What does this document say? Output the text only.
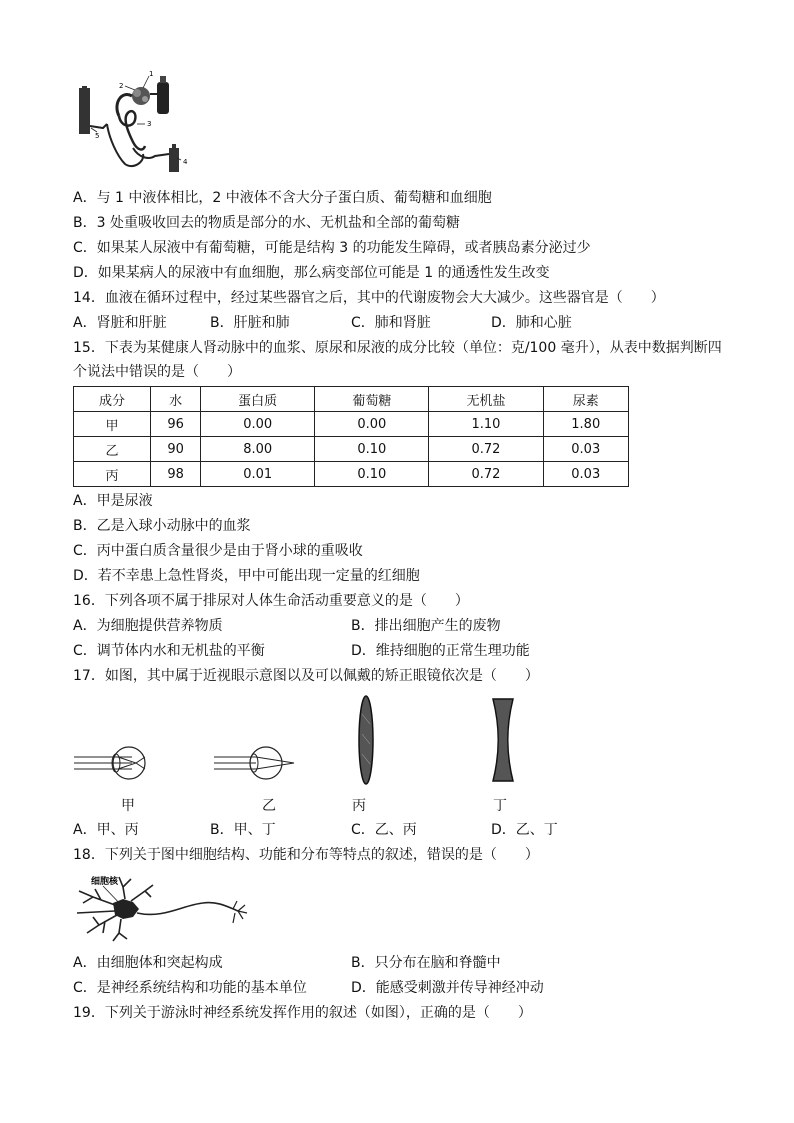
1
2
3
4
5
A．与 1 中液体相比，2 中液体不含大分子蛋白质、葡萄糖和血细胞
B．3 处重吸收回去的物质是部分的水、无机盐和全部的葡萄糖
C．如果某人尿液中有葡萄糖，可能是结构 3 的功能发生障碍，或者胰岛素分泌过少
D．如果某病人的尿液中有血细胞，那么病变部位可能是 1 的通透性发生改变
14．血液在循环过程中，经过某些器官之后，其中的代谢废物会大大减少。这些器官是（　　）
A．肾脏和肝脏	B．肝脏和肺	C．肺和肾脏	D．肺和心脏
15．下表为某健康人肾动脉中的血浆、原尿和尿液的成分比较（单位：克/100 毫升），从表中数据判断四
个说法中错误的是（　　）
成分	水	蛋白质	葡萄糖	无机盐	尿素
甲	96	0.00	0.00	1.10	1.80
乙	90	8.00	0.10	0.72	0.03
丙	98	0.01	0.10	0.72	0.03
A．甲是尿液
B．乙是入球小动脉中的血浆
C．丙中蛋白质含量很少是由于肾小球的重吸收
D．若不幸患上急性肾炎，甲中可能出现一定量的红细胞
16．下列各项不属于排尿对人体生命活动重要意义的是（　　）
A．为细胞提供营养物质	B．排出细胞产生的废物
C．调节体内水和无机盐的平衡	D．维持细胞的正常生理功能
17．如图，其中属于近视眼示意图以及可以佩戴的矫正眼镜依次是（　　）
甲	乙	丙	丁
A．甲、丙	B．甲、丁	C．乙、丙	D．乙、丁
18．下列关于图中细胞结构、功能和分布等特点的叙述，错误的是（　　）
细胞核
A．由细胞体和突起构成	B．只分布在脑和脊髓中
C．是神经系统结构和功能的基本单位	D．能感受刺激并传导神经冲动
19．下列关于游泳时神经系统发挥作用的叙述（如图），正确的是（　　）
